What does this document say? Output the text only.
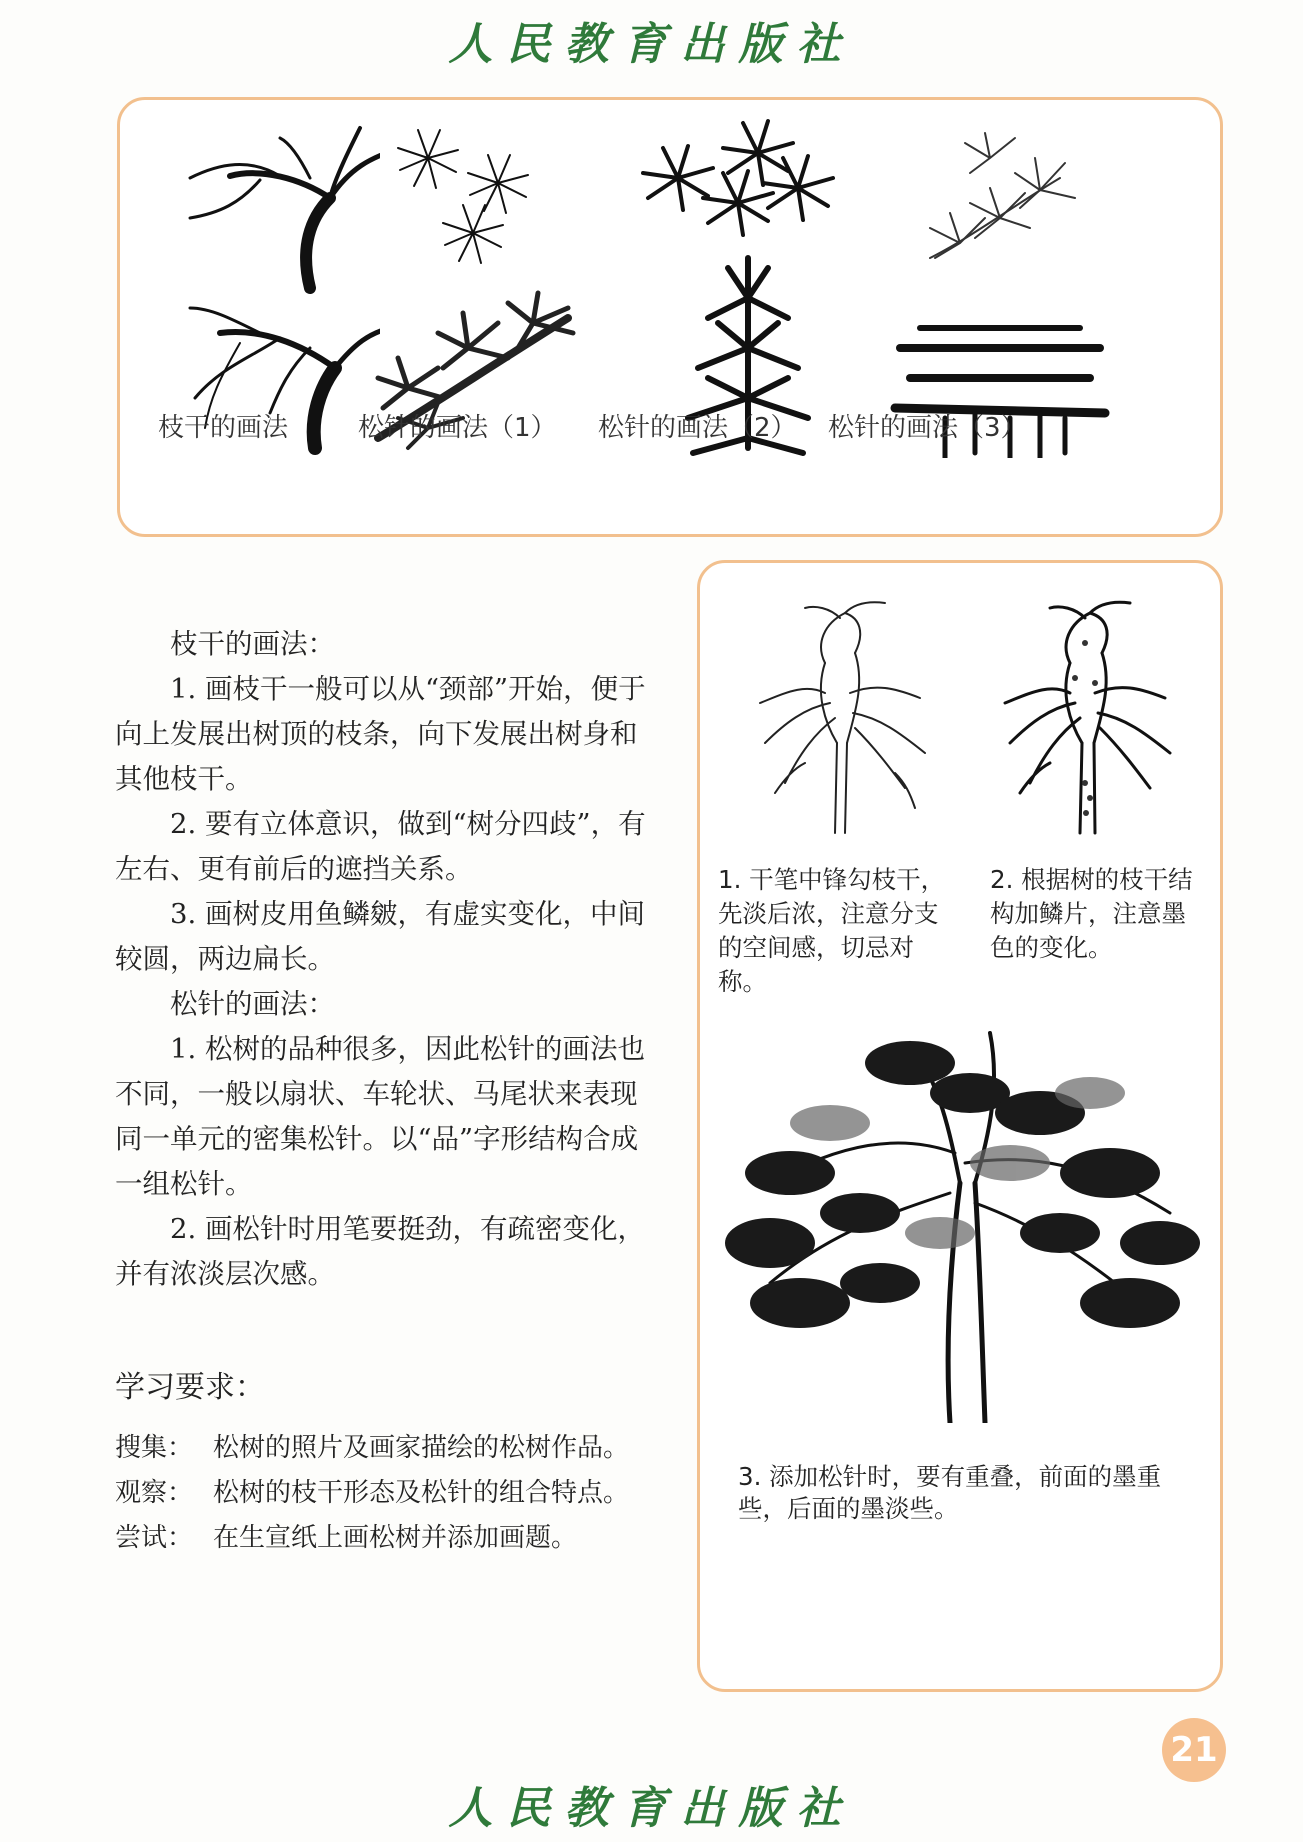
人民教育出版社
枝干的画法	松针的画法（1） 松针的画法（2） 松针的画法（3）

枝干的画法：

1. 画枝干一般可以从“颈部”开始，便于向上发展出树顶的枝条，向下发展出树身和其他枝干。

2. 要有立体意识，做到“树分四歧”，有左右、更有前后的遮挡关系。

3. 画树皮用鱼鳞皴，有虚实变化，中间较圆，两边扁长。

松针的画法：

1. 松树的品种很多，因此松针的画法也不同，一般以扇状、车轮状、马尾状来表现同一单元的密集松针。以“品”字形结构合成一组松针。

2. 画松针时用笔要挺劲，有疏密变化，并有浓淡层次感。

学习要求：
搜集： 松树的照片及画家描绘的松树作品。
观察： 松树的枝干形态及松针的组合特点。
尝试： 在生宣纸上画松树并添加画题。
1. 干笔中锋勾枝干，先淡后浓，注意分支的空间感，切忌对称。
2. 根据树的枝干结构加鳞片，注意墨色的变化。
3. 添加松针时，要有重叠，前面的墨重些，后面的墨淡些。
21
人民教育出版社
